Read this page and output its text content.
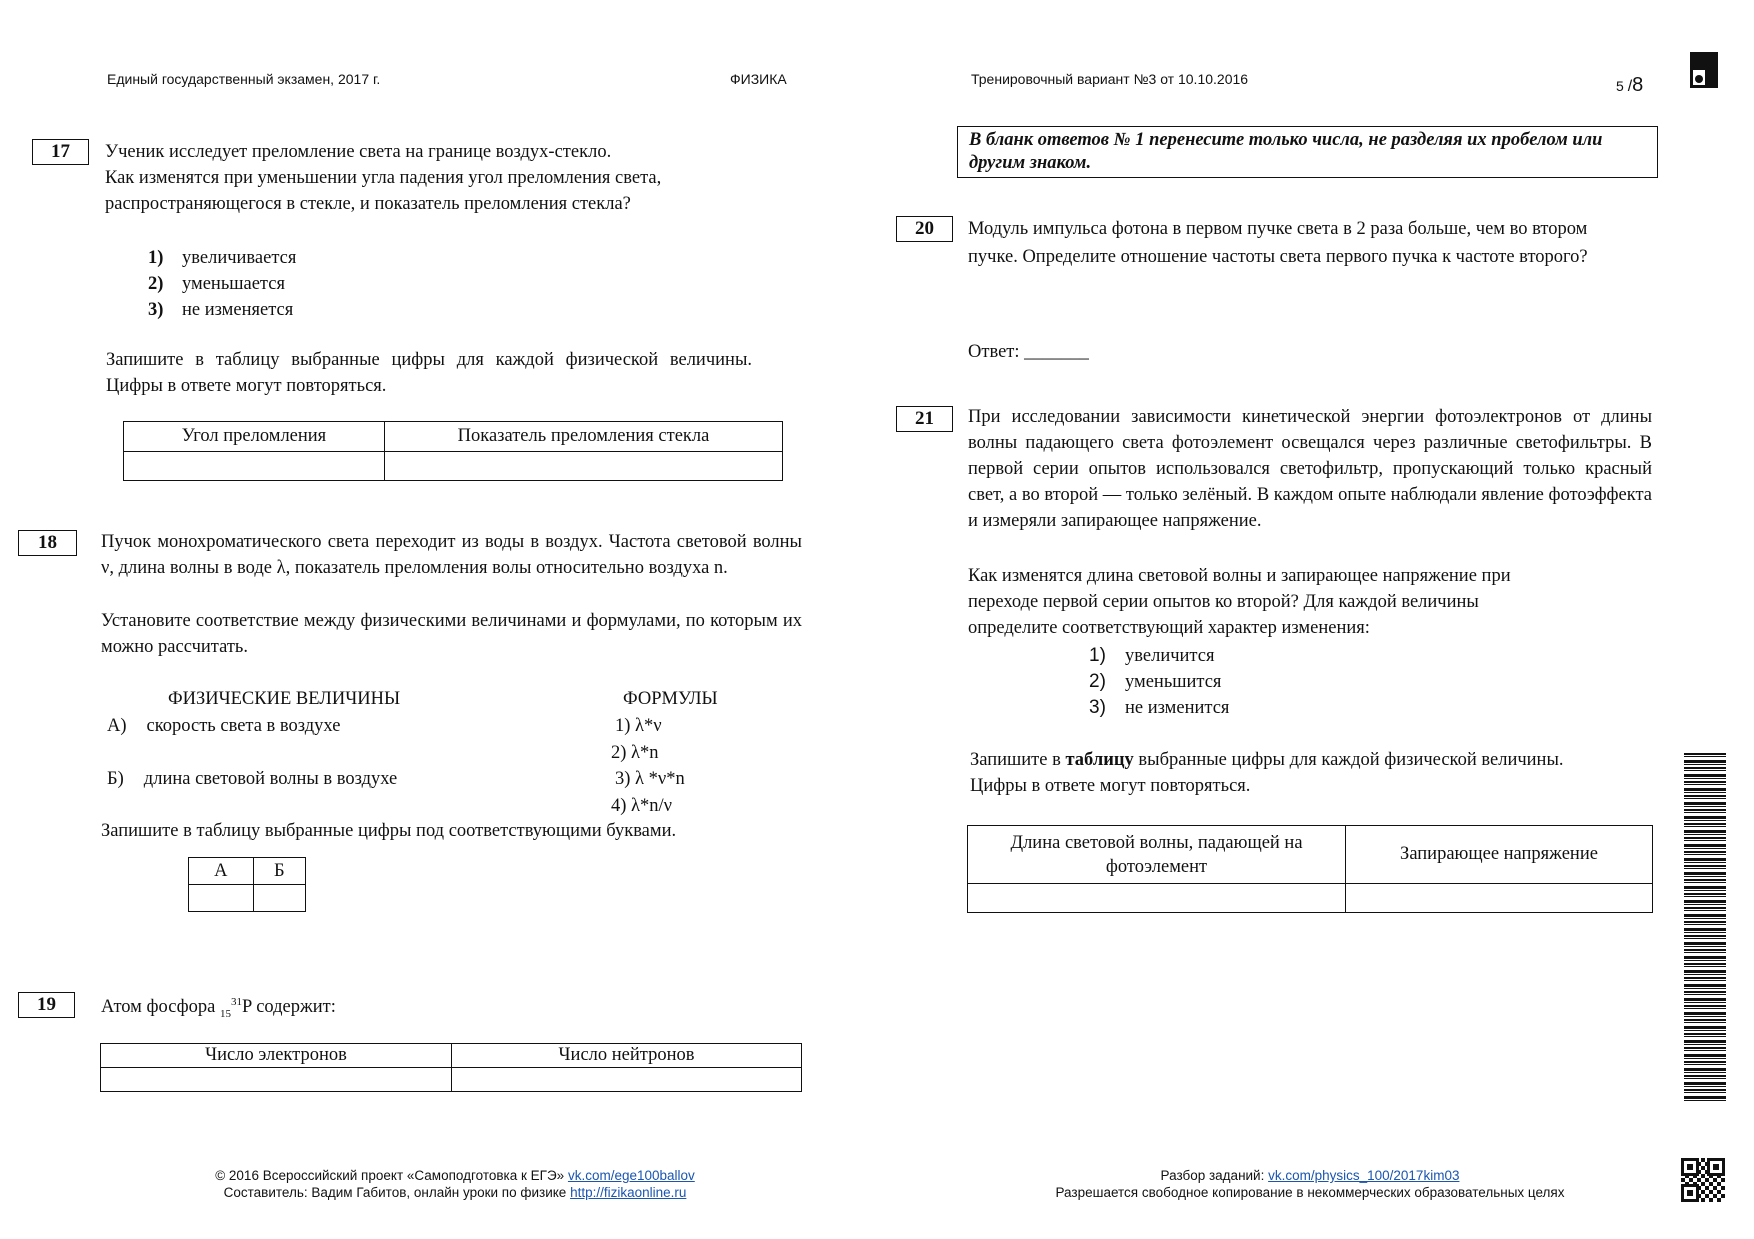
Единый государственный экзамен, 2017 г.	ФИЗИКА	Тренировочный вариант №3 от 10.10.2016	5 /8
17	Ученик исследует преломление света на границе воздух-стекло.
Как изменятся при уменьшении угла падения угол преломления света,
распространяющегося в стекле, и показатель преломления стекла?
1) увеличивается
2) уменьшается
3) не изменяется
Запишите в таблицу выбранные цифры для каждой физической величины. Цифры в ответе могут повторяться.
Угол преломления	Показатель преломления стекла

18	Пучок монохроматического света переходит из воды в воздух. Частота световой волны ν, длина волны в воде λ, показатель преломления волы относительно воздуха n.
Установите соответствие между физическими величинами и формулами, по которым их можно рассчитать.
ФИЗИЧЕСКИЕ ВЕЛИЧИНЫ	ФОРМУЛЫ
А) скорость света в воздухе
Б) длина световой волны в воздухе
1) λ*ν
2) λ*n
3) λ *ν*n
4) λ*n/ν
Запишите в таблицу выбранные цифры под соответствующими буквами.
А	Б

19	Атом фосфора $_{15}^{31}$P содержит:
Число электронов	Число нейтронов

В бланк ответов № 1 перенесите только числа, не разделяя их пробелом или другим знаком.
20	Модуль импульса фотона в первом пучке света в 2 раза больше, чем во втором пучке. Определите отношение частоты света первого пучка к частоте второго?
Ответ: _______
21	При исследовании зависимости кинетической энергии фотоэлектронов от длины волны падающего света фотоэлемент освещался через различные светофильтры. В первой серии опытов использовался светофильтр, пропускающий только красный свет, а во второй — только зелёный. В каждом опыте наблюдали явление фотоэффекта и измеряли запирающее напряжение.
Как изменятся длина световой волны и запирающее напряжение при
переходе первой серии опытов ко второй? Для каждой величины
определите соответствующий характер изменения:
1) увеличится
2) уменьшится
3) не изменится
Запишите в таблицу выбранные цифры для каждой физической величины.
Цифры в ответе могут повторяться.
Длина световой волны, падающей на фотоэлемент	Запирающее напряжение

© 2016 Всероссийский проект «Самоподготовка к ЕГЭ» vk.com/ege100ballov
Составитель: Вадим Габитов, онлайн уроки по физике http://fizikaonline.ru
Разбор заданий: vk.com/physics_100/2017kim03
Разрешается свободное копирование в некоммерческих образовательных целях
